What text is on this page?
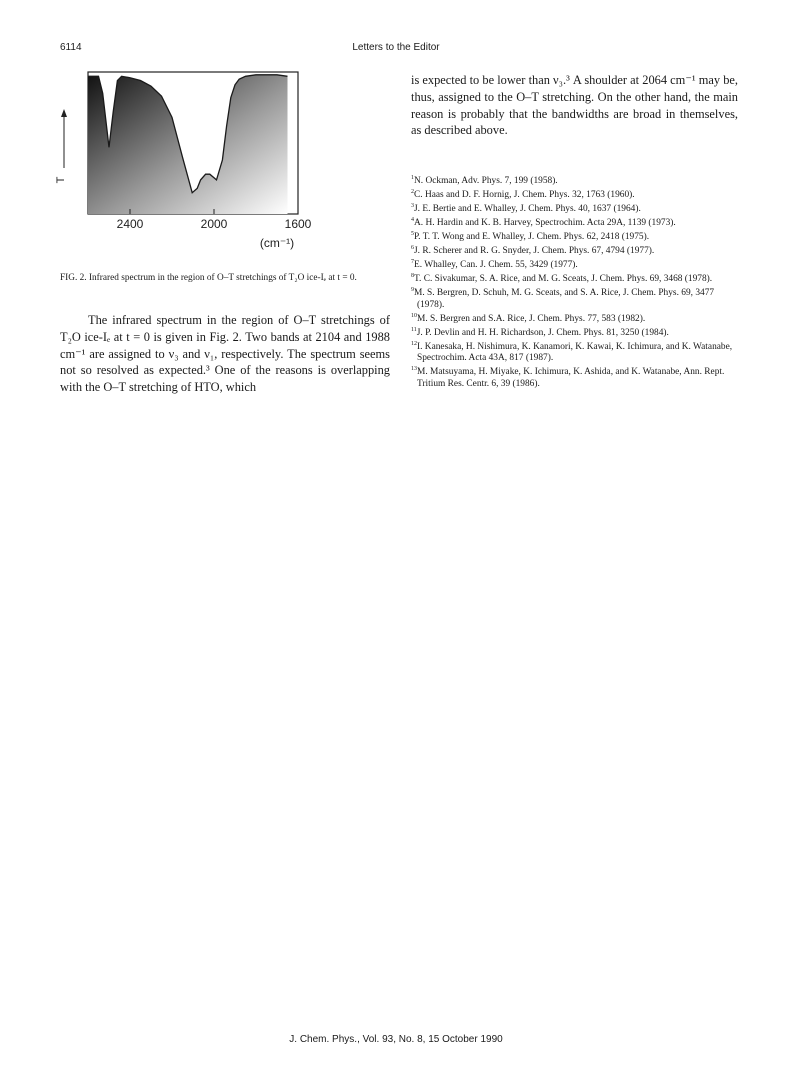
6114	Letters to the Editor
2400	2000	1600
T
(cm⁻¹)
FIG. 2. Infrared spectrum in the region of O–T stretchings of T₂O ice-Iₑ at t = 0.

The infrared spectrum in the region of O–T stretchings of T₂O ice-Iₑ at t = 0 is given in Fig. 2. Two bands at 2104 and 1988 cm⁻¹ are assigned to ν₃ and ν₁, respectively. The spectrum seems not so resolved as expected.³ One of the reasons is overlapping with the O–T stretching of HTO, which

is expected to be lower than ν₃.³ A shoulder at 2064 cm⁻¹ may be, thus, assigned to the O–T stretching. On the other hand, the main reason is probably that the bandwidths are broad in themselves, as described above.

$^1$N. Ockman, Adv. Phys. 7, 199 (1958).
$^2$C. Haas and D. F. Hornig, J. Chem. Phys. 32, 1763 (1960).
$^3$J. E. Bertie and E. Whalley, J. Chem. Phys. 40, 1637 (1964).
$^4$A. H. Hardin and K. B. Harvey, Spectrochim. Acta 29A, 1139 (1973).
$^5$P. T. T. Wong and E. Whalley, J. Chem. Phys. 62, 2418 (1975).
$^6$J. R. Scherer and R. G. Snyder, J. Chem. Phys. 67, 4794 (1977).
$^7$E. Whalley, Can. J. Chem. 55, 3429 (1977).
$^8$T. C. Sivakumar, S. A. Rice, and M. G. Sceats, J. Chem. Phys. 69, 3468 (1978).
$^9$M. S. Bergren, D. Schuh, M. G. Sceats, and S. A. Rice, J. Chem. Phys. 69, 3477 (1978).
$^{10}$M. S. Bergren and S.A. Rice, J. Chem. Phys. 77, 583 (1982).
$^{11}$J. P. Devlin and H. H. Richardson, J. Chem. Phys. 81, 3250 (1984).
$^{12}$I. Kanesaka, H. Nishimura, K. Kanamori, K. Kawai, K. Ichimura, and K. Watanabe, Spectrochim. Acta 43A, 817 (1987).
$^{13}$M. Matsuyama, H. Miyake, K. Ichimura, K. Ashida, and K. Watanabe, Ann. Rept. Tritium Res. Centr. 6, 39 (1986).
J. Chem. Phys., Vol. 93, No. 8, 15 October 1990
